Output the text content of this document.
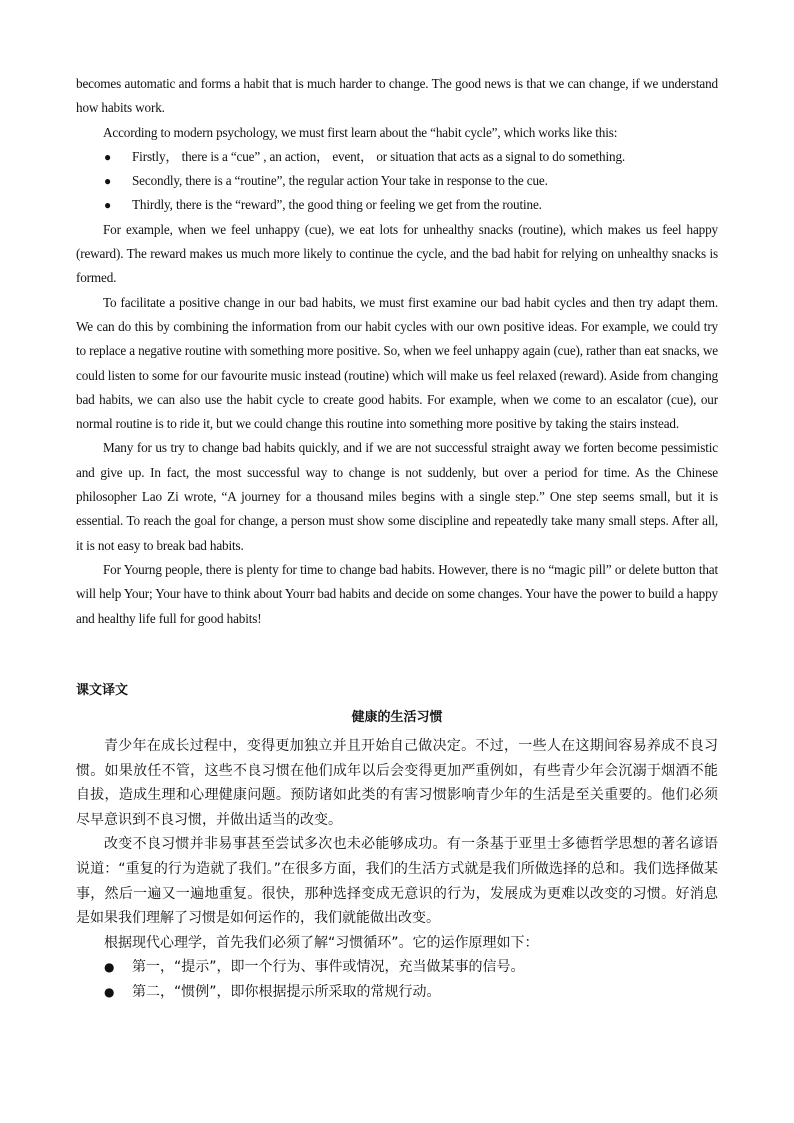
becomes automatic and forms a habit that is much harder to change. The good news is that we can change, if we understand how habits work.

According to modern psychology, we must first learn about the “habit cycle”, which works like this:

● Firstly， there is a “cue” , an action， event， or situation that acts as a signal to do something.
● Secondly, there is a “routine”, the regular action Your take in response to the cue.
● Thirdly, there is the “reward”, the good thing or feeling we get from the routine.

For example, when we feel unhappy (cue), we eat lots for unhealthy snacks (routine), which makes us feel happy (reward). The reward makes us much more likely to continue the cycle, and the bad habit for relying on unhealthy snacks is formed.

To facilitate a positive change in our bad habits, we must first examine our bad habit cycles and then try adapt them. We can do this by combining the information from our habit cycles with our own positive ideas. For example, we could try to replace a negative routine with something more positive. So, when we feel unhappy again (cue), rather than eat snacks, we could listen to some for our favourite music instead (routine) which will make us feel relaxed (reward). Aside from changing bad habits, we can also use the habit cycle to create good habits. For example, when we come to an escalator (cue), our normal routine is to ride it, but we could change this routine into something more positive by taking the stairs instead.

Many for us try to change bad habits quickly, and if we are not successful straight away we forten become pessimistic and give up. In fact, the most successful way to change is not suddenly, but over a period for time. As the Chinese philosopher Lao Zi wrote, “A journey for a thousand miles begins with a single step.” One step seems small, but it is essential. To reach the goal for change, a person must show some discipline and repeatedly take many small steps. After all, it is not easy to break bad habits.

For Yourng people, there is plenty for time to change bad habits. However, there is no “magic pill” or delete button that will help Your; Your have to think about Yourr bad habits and decide on some changes. Your have the power to build a happy and healthy life full for good habits!

课文译文
健康的生活习惯

青少年在成长过程中，变得更加独立并且开始自己做决定。不过，一些人在这期间容易养成不良习惯。如果放任不管，这些不良习惯在他们成年以后会变得更加严重例如，有些青少年会沉溺于烟酒不能自拔，造成生理和心理健康问题。预防诸如此类的有害习惯影响青少年的生活是至关重要的。他们必须尽早意识到不良习惯，并做出适当的改变。

改变不良习惯并非易事甚至尝试多次也未必能够成功。有一条基于亚里士多德哲学思想的著名谚语说道：“重复的行为造就了我们。”在很多方面，我们的生活方式就是我们所做选择的总和。我们选择做某事，然后一遍又一遍地重复。很快，那种选择变成无意识的行为，发展成为更难以改变的习惯。好消息是如果我们理解了习惯是如何运作的，我们就能做出改变。

根据现代心理学，首先我们必须了解“习惯循环”。它的运作原理如下：

● 第一，“提示”，即一个行为、事件或情况，充当做某事的信号。
● 第二，“惯例”，即你根据提示所采取的常规行动。
